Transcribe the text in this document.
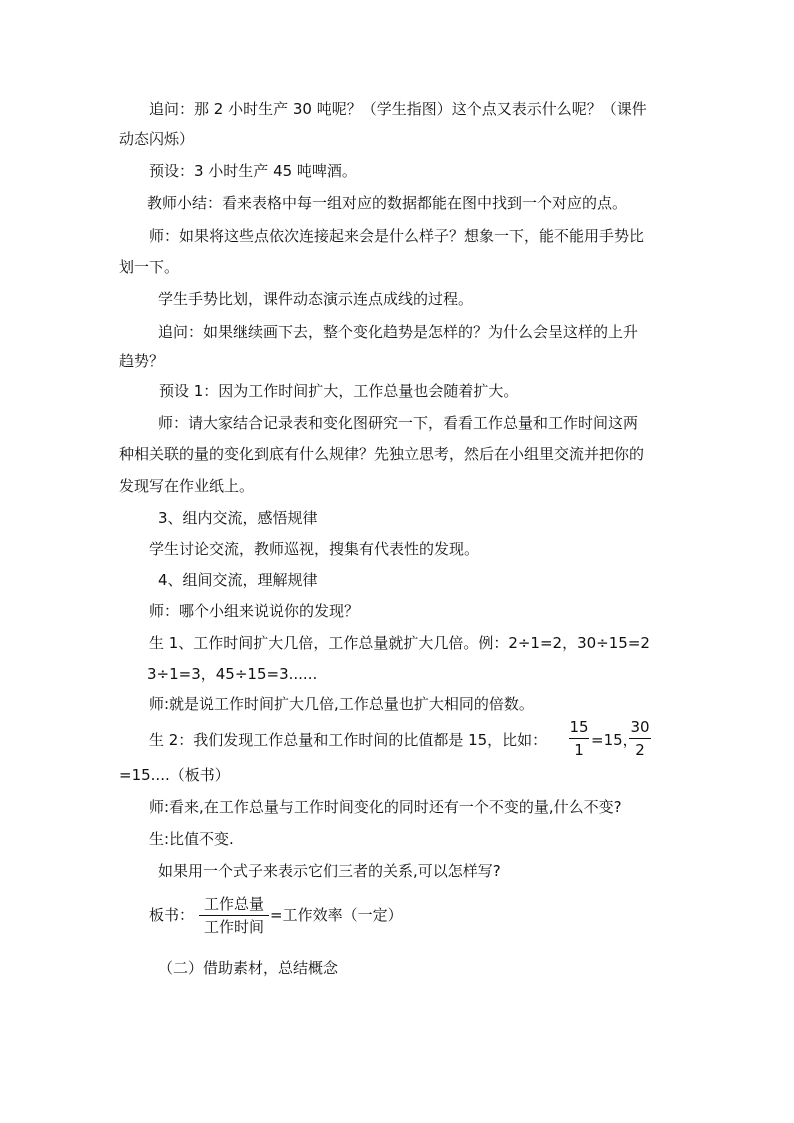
追问：那 2 小时生产 30 吨呢？（学生指图）这个点又表示什么呢？（课件
动态闪烁）
预设：3 小时生产 45 吨啤酒。
教师小结：看来表格中每一组对应的数据都能在图中找到一个对应的点。
师：如果将这些点依次连接起来会是什么样子？想象一下，能不能用手势比
划一下。
学生手势比划，课件动态演示连点成线的过程。
追问：如果继续画下去，整个变化趋势是怎样的？为什么会呈这样的上升
趋势？
预设 1：因为工作时间扩大，工作总量也会随着扩大。
师：请大家结合记录表和变化图研究一下，看看工作总量和工作时间这两
种相关联的量的变化到底有什么规律？先独立思考，然后在小组里交流并把你的
发现写在作业纸上。
3、组内交流，感悟规律
学生讨论交流，教师巡视，搜集有代表性的发现。
4、组间交流，理解规律
师：哪个小组来说说你的发现？
生 1、工作时间扩大几倍，工作总量就扩大几倍。例：2÷1=2，30÷15=2
3÷1=3，45÷15=3......
师:就是说工作时间扩大几倍,工作总量也扩大相同的倍数。
生 2：我们发现工作总量和工作时间的比值都是 15，比如：
15
1
=15，
30
2
=15....（板书）
师:看来,在工作总量与工作时间变化的同时还有一个不变的量,什么不变?
生:比值不变.
如果用一个式子来表示它们三者的关系,可以怎样写?
板书：
工作总量
工作时间
=工作效率（一定）
（二）借助素材，总结概念
